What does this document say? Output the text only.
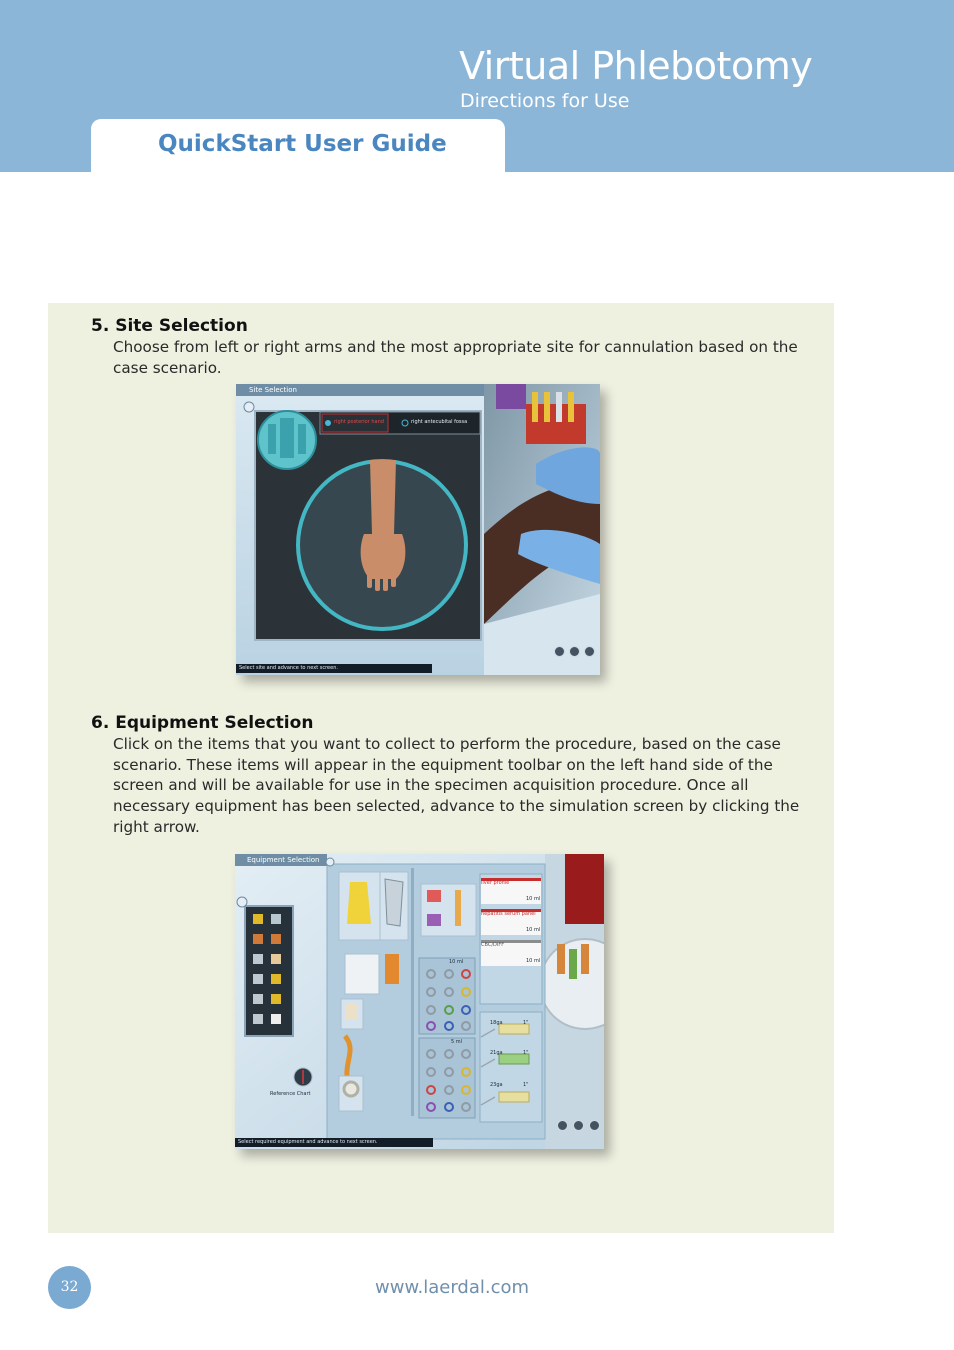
Virtual Phlebotomy
Directions for Use
QuickStart User Guide
5. Site Selection
Choose from left or right arms and the most appropriate site for cannulation based on the case scenario.
Site Selection
right posterior hand	right antecubital fossa
Select site and advance to next screen.
6. Equipment Selection
Click on the items that you want to collect to perform the procedure, based on the case scenario. These items will appear in the equipment toolbar on the left hand side of the screen and will be available for use in the specimen acquisition procedure. Once all necessary equipment has been selected, advance to the simulation screen by clicking the right arrow.
Equipment Selection
liver profile
10 ml
hepatitis serum panel
10 ml
CBC/DIFF
10 ml
10 ml
5 ml
18ga	1"
21ga	1"
23ga	1"
Reference Chart
Select required equipment and advance to next screen.
32	www.laerdal.com
